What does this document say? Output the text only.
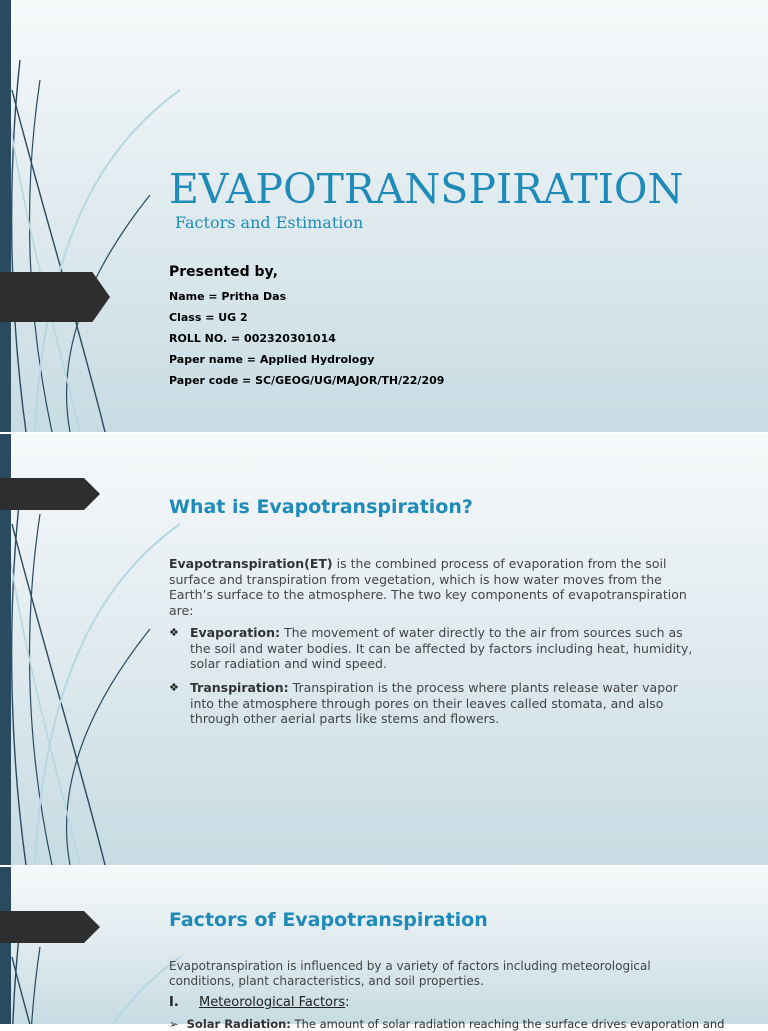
EVAPOTRANSPIRATION
Factors and Estimation
Presented by,
Name = Pritha Das
Class = UG 2
ROLL NO. = 002320301014
Paper name = Applied Hydrology
Paper code = SC/GEOG/UG/MAJOR/TH/22/209
What is Evapotranspiration?
Evapotranspiration(ET) is the combined process of evaporation from the soil surface and transpiration from vegetation, which is how water moves from the Earth’s surface to the atmosphere. The two key components of evapotranspiration are:
❖ Evaporation: The movement of water directly to the air from sources such as the soil and water bodies. It can be affected by factors including heat, humidity, solar radiation and wind speed.
❖ Transpiration: Transpiration is the process where plants release water vapor into the atmosphere through pores on their leaves called stomata, and also through other aerial parts like stems and flowers.
Factors of Evapotranspiration
Evapotranspiration is influenced by a variety of factors including meteorological conditions, plant characteristics, and soil properties.
I. Meteorological Factors:
➢ Solar Radiation: The amount of solar radiation reaching the surface drives evaporation and
